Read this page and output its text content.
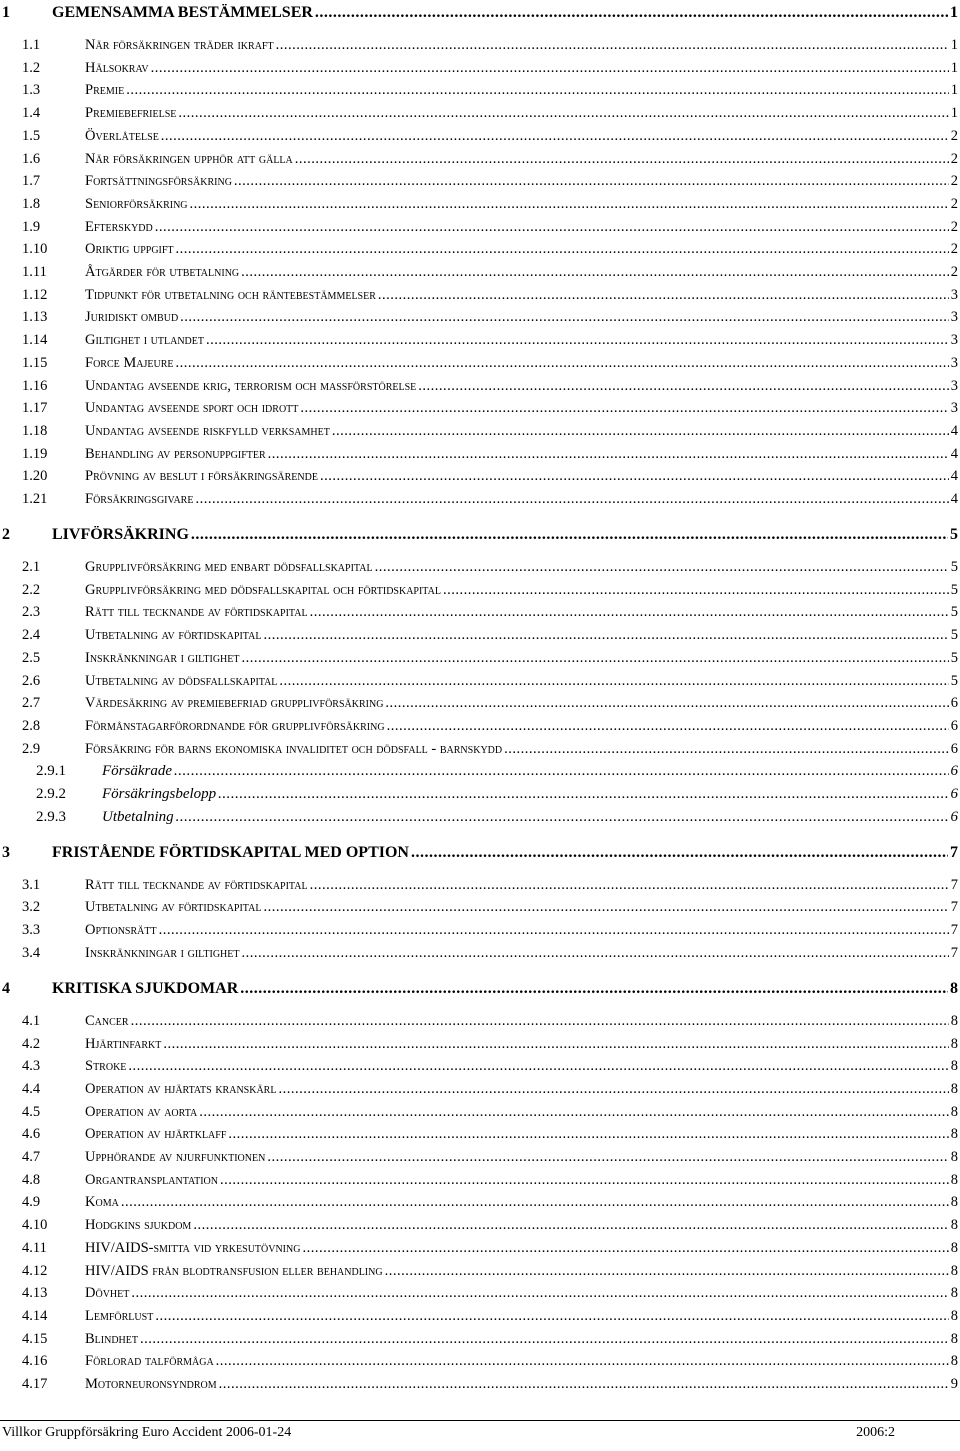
1	GEMENSAMMA BESTÄMMELSER .....	1
1.1	När försäkringen träder ikraft .....	1
1.2	Hälsokrav .....	1
1.3	Premie .....	1
1.4	Premiebefrielse .....	1
1.5	Överlåtelse .....	2
1.6	När försäkringen upphör att gälla .....	2
1.7	Fortsättningsförsäkring .....	2
1.8	Seniorförsäkring .....	2
1.9	Efterskydd .....	2
1.10	Oriktig uppgift .....	2
1.11	Åtgärder för utbetalning .....	2
1.12	Tidpunkt för utbetalning och räntebestämmelser .....	3
1.13	Juridiskt ombud .....	3
1.14	Giltighet i utlandet .....	3
1.15	Force Majeure .....	3
1.16	Undantag avseende krig, terrorism och massförstörelse .....	3
1.17	Undantag avseende sport och idrott .....	3
1.18	Undantag avseende riskfylld verksamhet .....	4
1.19	Behandling av personuppgifter .....	4
1.20	Prövning av beslut i försäkringsärende .....	4
1.21	Försäkringsgivare .....	4
2	LIVFÖRSÄKRING .....	5
2.1	Grupplivförsäkring med enbart dödsfallskapital .....	5
2.2	Grupplivförsäkring med dödsfallskapital och förtidskapital .....	5
2.3	Rätt till tecknande av förtidskapital .....	5
2.4	Utbetalning av förtidskapital .....	5
2.5	Inskränkningar i giltighet .....	5
2.6	Utbetalning av dödsfallskapital .....	5
2.7	Värdesäkring av premiebefriad grupplivförsäkring .....	6
2.8	Förmånstagarförordnande för grupplivförsäkring .....	6
2.9	Försäkring för barns ekonomiska invaliditet och dödsfall - barnskydd .....	6
2.9.1 Försäkrade .....	6
2.9.2 Försäkringsbelopp .....	6
2.9.3 Utbetalning .....	6
3	FRISTÅENDE FÖRTIDSKAPITAL MED OPTION .....	7
3.1	Rätt till tecknande av förtidskapital .....	7
3.2	Utbetalning av förtidskapital .....	7
3.3	Optionsrätt .....	7
3.4	Inskränkningar i giltighet .....	7
4	KRITISKA SJUKDOMAR .....	8
4.1	Cancer .....	8
4.2	Hjärtinfarkt .....	8
4.3	Stroke .....	8
4.4	Operation av hjärtats kranskärl .....	8
4.5	Operation av aorta .....	8
4.6	Operation av hjärtklaff .....	8
4.7	Upphörande av njurfunktionen .....	8
4.8	Organtransplantation .....	8
4.9	Koma .....	8
4.10	Hodgkins sjukdom .....	8
4.11	HIV/AIDS-smitta vid yrkesutövning .....	8
4.12	HIV/AIDS från blodtransfusion eller behandling .....	8
4.13	Dövhet .....	8
4.14	Lemförlust .....	8
4.15	Blindhet .....	8
4.16	Förlorad talförmåga .....	8
4.17	Motorneuronsyndrom .....	9
Villkor Gruppförsäkring Euro Accident 2006-01-24	2006:2
